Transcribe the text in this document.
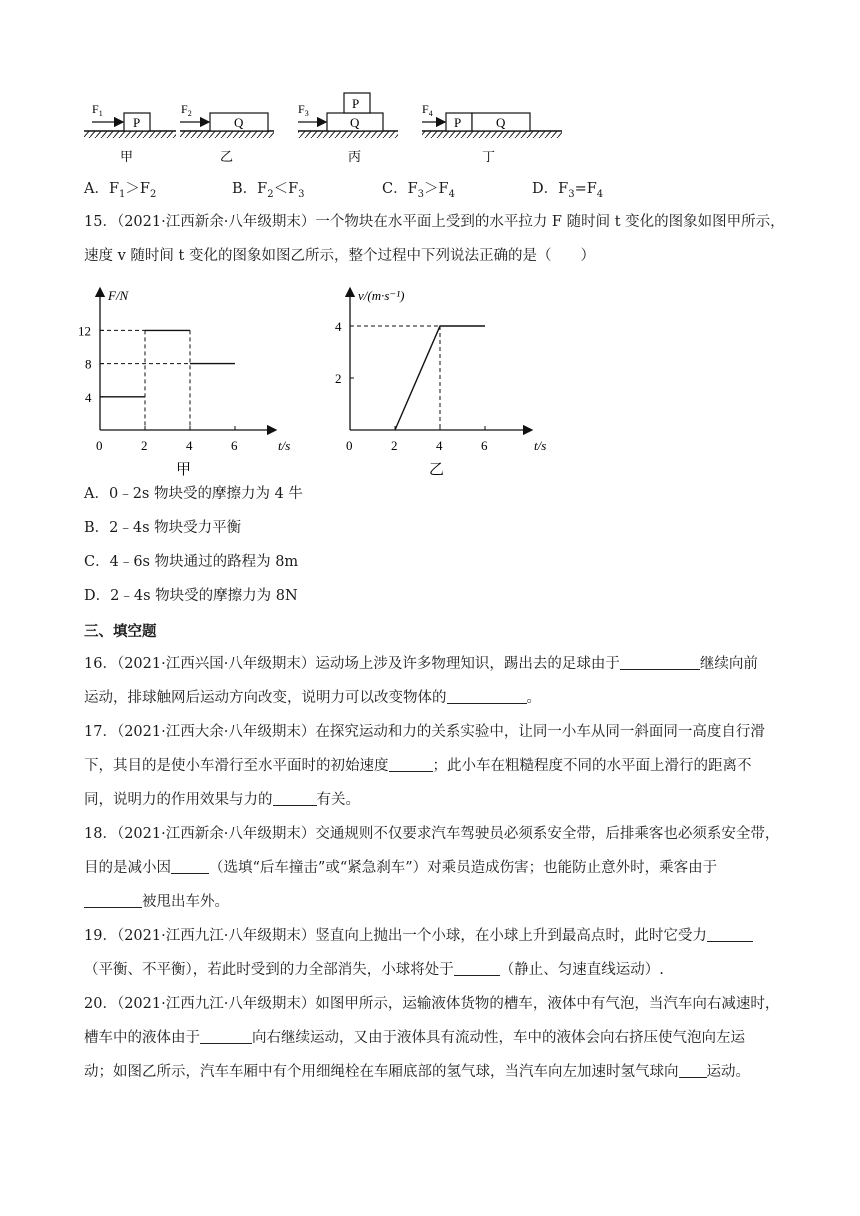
P
$F_1$
甲
Q
$F_2$
乙
Q
P
$F_3$
丙
P	Q
$F_4$
丁
A．$F_1>F_2$	B．$F_2<F_3$	C．$F_3>F_4$	D．$F_3=F_4$
15．（2021·江西新余·八年级期末）一个物块在水平面上受到的水平拉力 F 随时间 t 变化的图象如图甲所示，
速度 v 随时间 t 变化的图象如图乙所示，整个过程中下列说法正确的是（　　）
F/N
t/s
0	2	4	6
4
8
12
甲
v/(m·s⁻¹)
t/s
0	2	4	6
2
4
乙
A．0﹣2s 物块受的摩擦力为 4 牛
B．2﹣4s 物块受力平衡
C．4﹣6s 物块通过的路程为 8m
D．2﹣4s 物块受的摩擦力为 8N
三、填空题
16．（2021·江西兴国·八年级期末）运动场上涉及许多物理知识，踢出去的足球由于	继续向前
运动，排球触网后运动方向改变，说明力可以改变物体的	。
17．（2021·江西大余·八年级期末）在探究运动和力的关系实验中，让同一小车从同一斜面同一高度自行滑
下，其目的是使小车滑行至水平面时的初始速度	；此小车在粗糙程度不同的水平面上滑行的距离不
同，说明力的作用效果与力的	有关。
18．（2021·江西新余·八年级期末）交通规则不仅要求汽车驾驶员必须系安全带，后排乘客也必须系安全带，
目的是减小因	（选填“后车撞击”或“紧急刹车”）对乘员造成伤害；也能防止意外时，乘客由于
被甩出车外。
19．（2021·江西九江·八年级期末）竖直向上抛出一个小球，在小球上升到最高点时，此时它受力
（平衡、不平衡），若此时受到的力全部消失，小球将处于	（静止、匀速直线运动）.
20．（2021·江西九江·八年级期末）如图甲所示，运输液体货物的槽车，液体中有气泡，当汽车向右减速时，
槽车中的液体由于	向右继续运动，又由于液体具有流动性，车中的液体会向右挤压使气泡向左运
动；如图乙所示，汽车车厢中有个用细绳栓在车厢底部的氢气球，当汽车向左加速时氢气球向 运动。
